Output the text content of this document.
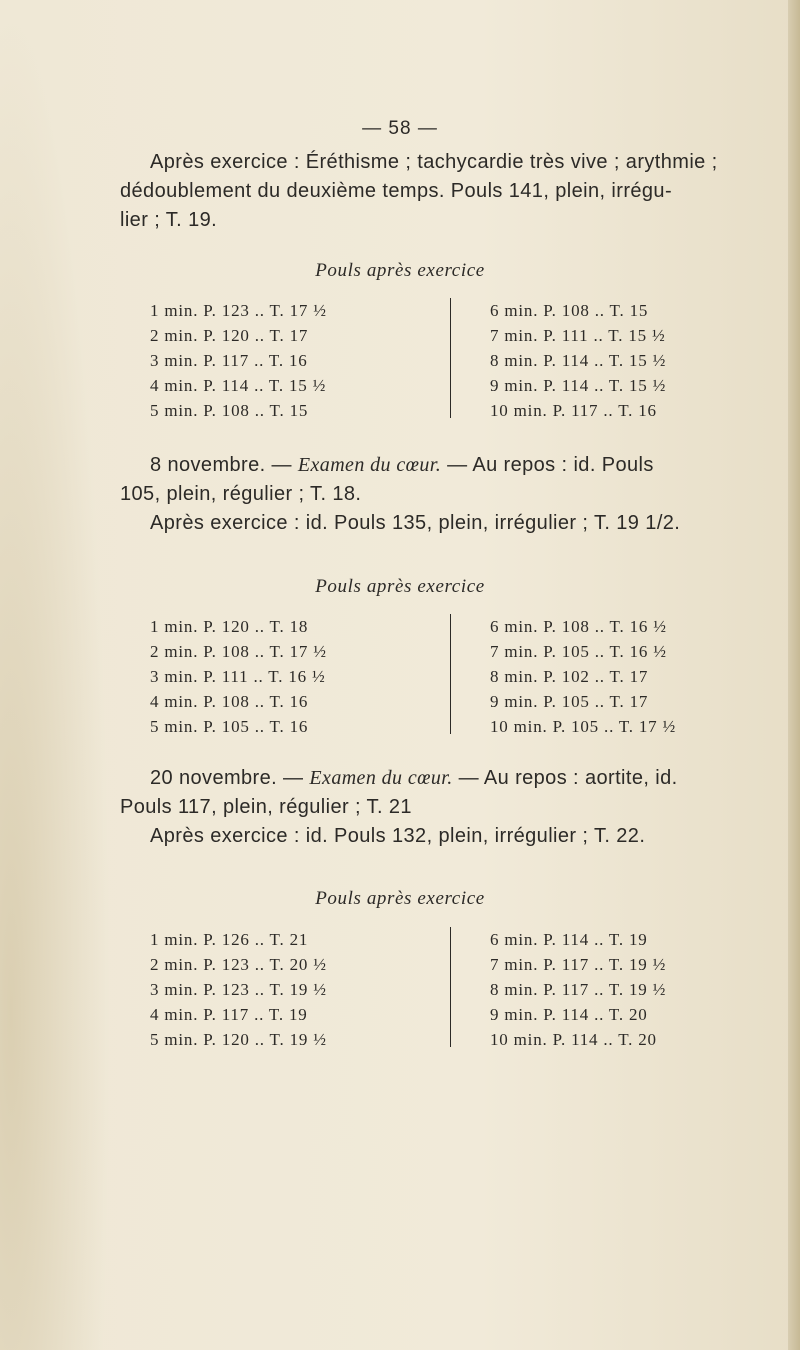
— 58 —
Après exercice : Éréthisme ; tachycardie très vive ; arythmie ;
dédoublement du deuxième temps. Pouls 141, plein, irrégu-
lier ; T. 19.
Pouls après exercice
1 min. P. 123 .. T. 17 ½
2 min. P. 120 .. T. 17
3 min. P. 117 .. T. 16
4 min. P. 114 .. T. 15 ½
5 min. P. 108 .. T. 15
6 min. P. 108 .. T. 15
7 min. P. 111 .. T. 15 ½
8 min. P. 114 .. T. 15 ½
9 min. P. 114 .. T. 15 ½
10 min. P. 117 .. T. 16
8 novembre. — Examen du cœur. — Au repos : id. Pouls
105, plein, régulier ; T. 18.
Après exercice : id. Pouls 135, plein, irrégulier ; T. 19 1/2.
Pouls après exercice
1 min. P. 120 .. T. 18
2 min. P. 108 .. T. 17 ½
3 min. P. 111 .. T. 16 ½
4 min. P. 108 .. T. 16
5 min. P. 105 .. T. 16
6 min. P. 108 .. T. 16 ½
7 min. P. 105 .. T. 16 ½
8 min. P. 102 .. T. 17
9 min. P. 105 .. T. 17
10 min. P. 105 .. T. 17 ½
20 novembre. — Examen du cœur. — Au repos : aortite, id.
Pouls 117, plein, régulier ; T. 21
Après exercice : id. Pouls 132, plein, irrégulier ; T. 22.
Pouls après exercice
1 min. P. 126 .. T. 21
2 min. P. 123 .. T. 20 ½
3 min. P. 123 .. T. 19 ½
4 min. P. 117 .. T. 19
5 min. P. 120 .. T. 19 ½
6 min. P. 114 .. T. 19
7 min. P. 117 .. T. 19 ½
8 min. P. 117 .. T. 19 ½
9 min. P. 114 .. T. 20
10 min. P. 114 .. T. 20
